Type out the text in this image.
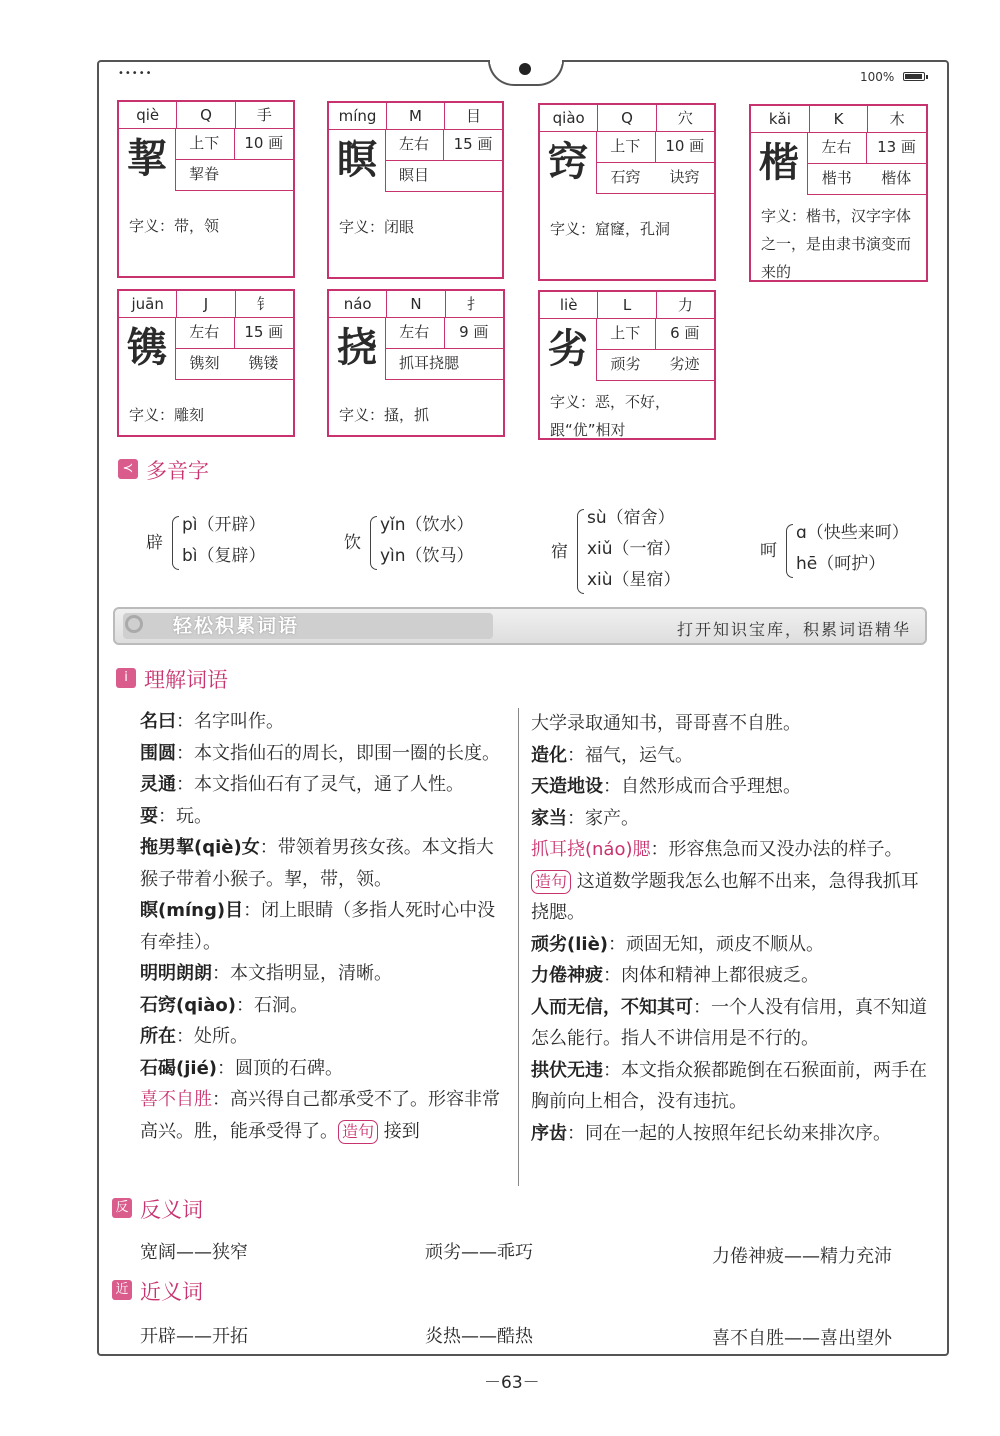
•••••	100%
qiè	Q	手
挈	上下	10 画
挈眷
字义：带，领
míng	M	目
瞑	左右	15 画
瞑目
字义：闭眼
qiào	Q	穴
窍	上下	10 画
石窍	诀窍
字义：窟窿，孔洞
kǎi	K	木
楷	左右	13 画
楷书	楷体
字义：楷书，汉字字体之一，是由隶书演变而来的
juān	J	钅
镌	左右	15 画
镌刻	镌镂
字义：雕刻
náo	N	扌
挠	左右	9 画
抓耳挠腮
字义：搔，抓
liè	L	力
劣	上下	6 画
顽劣	劣迹
字义：恶，不好，跟“优”相对
≺ 多音字
辟
pì（开辟）
bì（复辟）
饮
yǐn（饮水）
yìn（饮马）	宿
sù（宿舍）
xiǔ（一宿）
xiù（星宿）
呵
ɑ（快些来呵）
hē（呵护）
轻松积累词语	打开知识宝库，积累词语精华
i 理解词语

名曰：名字叫作。

围圆：本文指仙石的周长，即围一圈的长度。

灵通：本文指仙石有了灵气，通了人性。

耍：玩。

拖男挈(qiè)女：带领着男孩女孩。本文指大猴子带着小猴子。挈，带，领。

瞑(míng)目：闭上眼睛（多指人死时心中没有牵挂）。

明明朗朗：本文指明显，清晰。

石窍(qiào)：石洞。

所在：处所。

石碣(jié)：圆顶的石碑。

喜不自胜：高兴得自己都承受不了。形容非常高兴。胜，能承受得了。 造句 接到

大学录取通知书，哥哥喜不自胜。

造化：福气，运气。

天造地设：自然形成而合乎理想。

家当：家产。

抓耳挠(náo)腮：形容焦急而又没办法的样子。造句 这道数学题我怎么也解不出来，急得我抓耳挠腮。

顽劣(liè)：顽固无知，顽皮不顺从。

力倦神疲：肉体和精神上都很疲乏。

人而无信，不知其可：一个人没有信用，真不知道怎么能行。指人不讲信用是不行的。

拱伏无违：本文指众猴都跪倒在石猴面前，两手在胸前向上相合，没有违抗。

序齿：同在一起的人按照年纪长幼来排次序。

反 反义词
宽阔——狭窄	顽劣——乖巧	力倦神疲——精力充沛
近 近义词
开辟——开拓	炎热——酷热	喜不自胜——喜出望外
－63－
